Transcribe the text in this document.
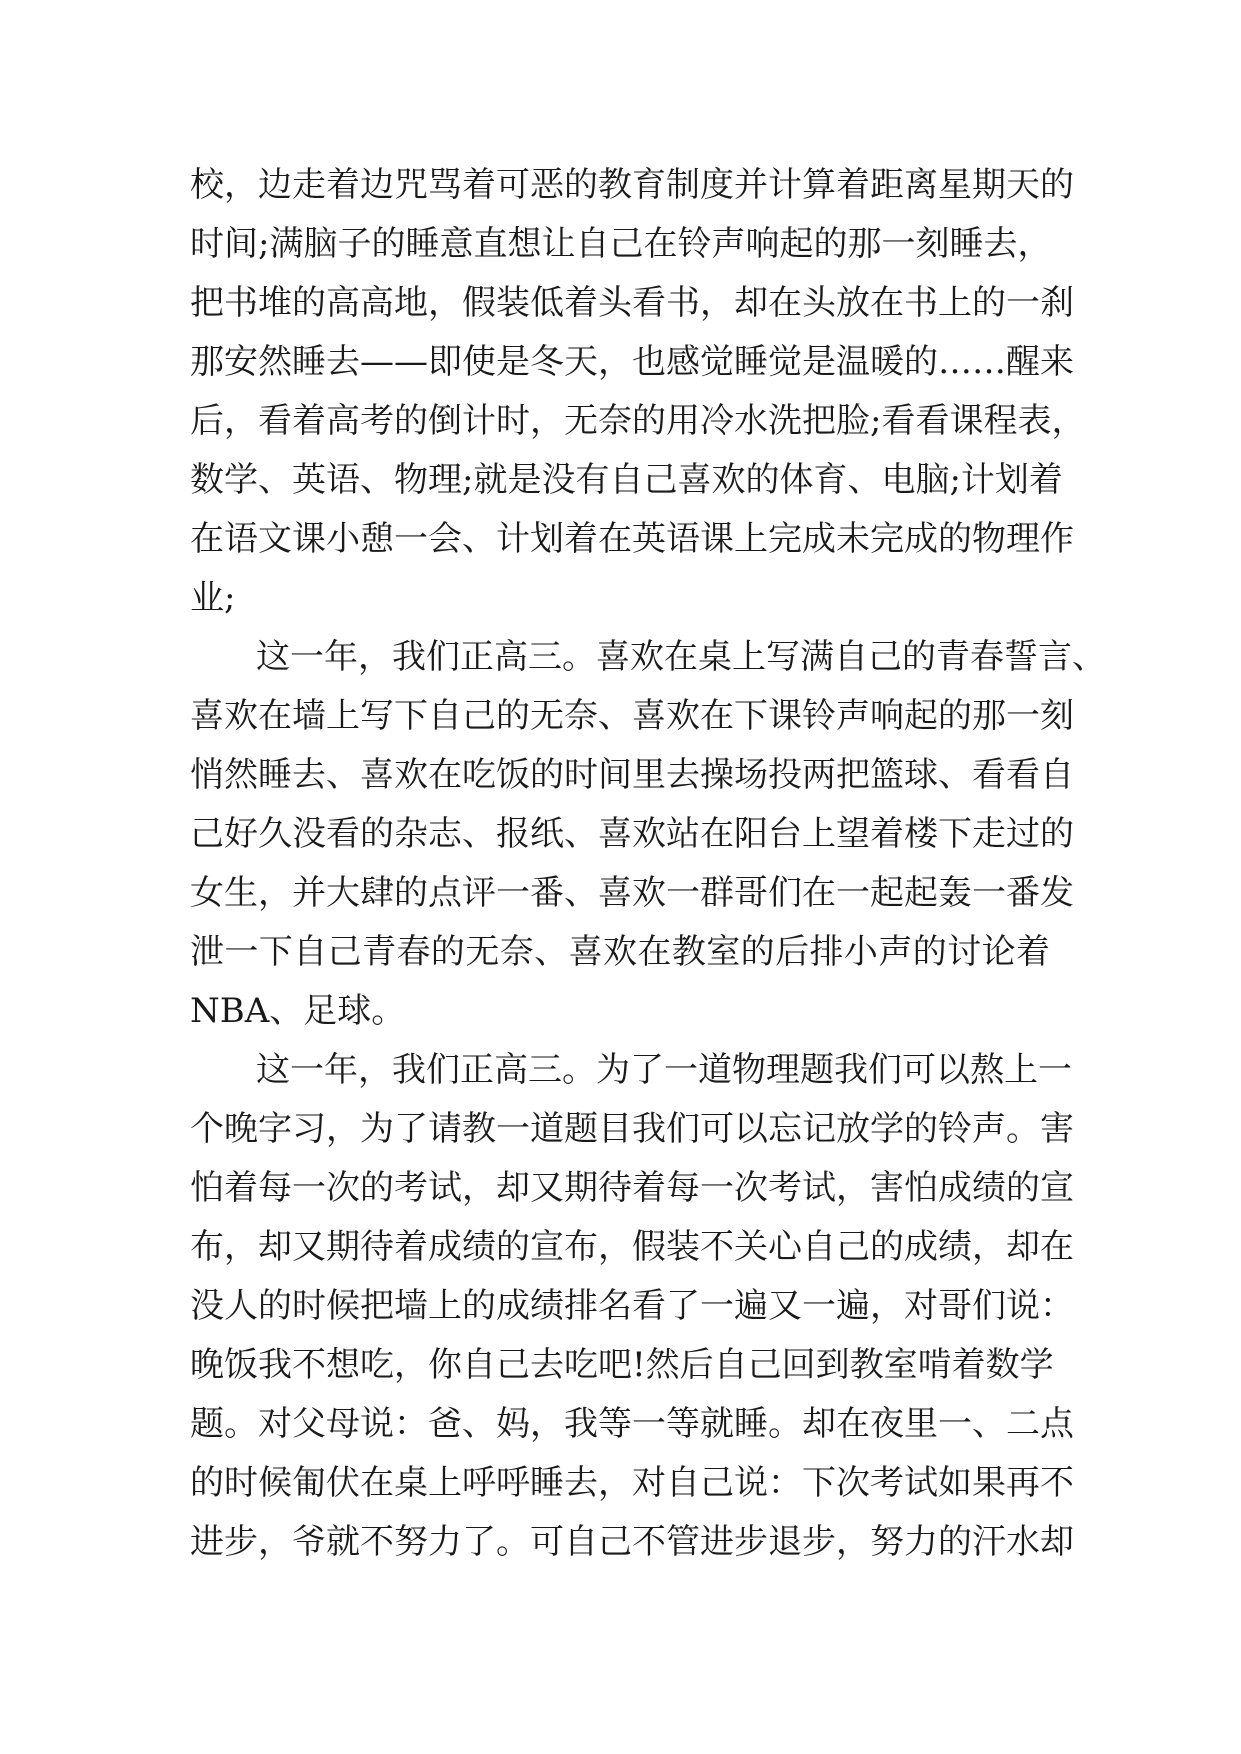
校，边走着边咒骂着可恶的教育制度并计算着距离星期天的
时间;满脑子的睡意直想让自己在铃声响起的那一刻睡去，
把书堆的高高地，假装低着头看书，却在头放在书上的一刹
那安然睡去——即使是冬天，也感觉睡觉是温暖的……醒来
后，看着高考的倒计时，无奈的用冷水洗把脸;看看课程表，
数学、英语、物理;就是没有自己喜欢的体育、电脑;计划着
在语文课小憩一会、计划着在英语课上完成未完成的物理作
业;
这一年，我们正高三。喜欢在桌上写满自己的青春誓言、
喜欢在墙上写下自己的无奈、喜欢在下课铃声响起的那一刻
悄然睡去、喜欢在吃饭的时间里去操场投两把篮球、看看自
己好久没看的杂志、报纸、喜欢站在阳台上望着楼下走过的
女生，并大肆的点评一番、喜欢一群哥们在一起起轰一番发
泄一下自己青春的无奈、喜欢在教室的后排小声的讨论着
NBA、足球。
这一年，我们正高三。为了一道物理题我们可以熬上一
个晚字习，为了请教一道题目我们可以忘记放学的铃声。害
怕着每一次的考试，却又期待着每一次考试，害怕成绩的宣
布，却又期待着成绩的宣布，假装不关心自己的成绩，却在
没人的时候把墙上的成绩排名看了一遍又一遍，对哥们说：
晚饭我不想吃，你自己去吃吧!然后自己回到教室啃着数学
题。对父母说：爸、妈，我等一等就睡。却在夜里一、二点
的时候匍伏在桌上呼呼睡去，对自己说：下次考试如果再不
进步，爷就不努力了。可自己不管进步退步，努力的汗水却
